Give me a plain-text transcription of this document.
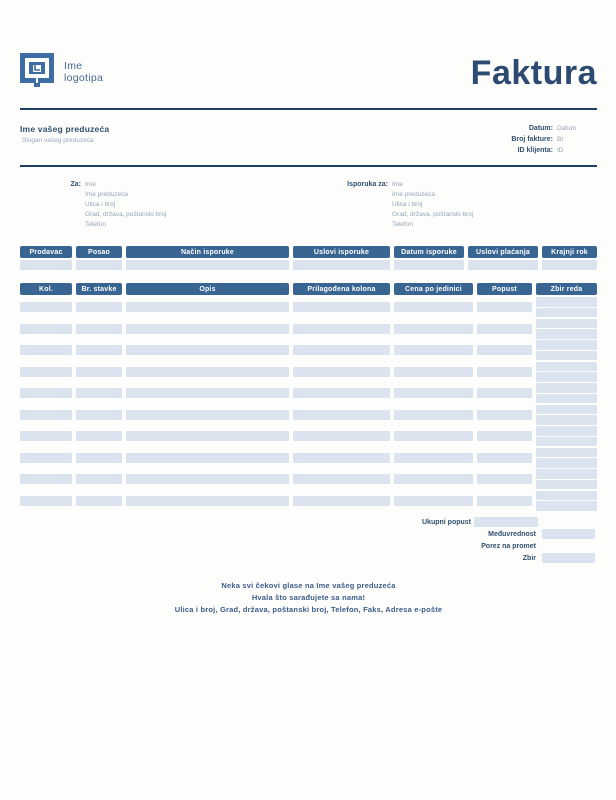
Ime
logotipa	Faktura
Ime vašeg preduzeća
Slogan vašeg preduzeća
Datum: Datum
Broj fakture: Br
ID klijenta: ID
Za: Ime
Ime preduzeća
Ulica i broj
Grad, država, poštanski broj
Telefon
Isporuka za: Ime
Ime preduzeća
Ulica i broj
Grad, država, poštanski broj
Telefon
Prodavac	Posao	Način isporuke	Uslovi isporuke	Datum isporuke	Uslovi plaćanja	Krajnji rok
Kol.	Br. stavke	Opis	Prilagođena kolona	Cena po jedinici	Popust	Zbir reda
Ukupni popust
Međuvrednost
Porez na promet
Zbir
Neka svi čekovi glase na Ime vašeg preduzeća
Hvala što sarađujete sa nama!
Ulica i broj, Grad, država, poštanski broj, Telefon, Faks, Adresa e-pošte
